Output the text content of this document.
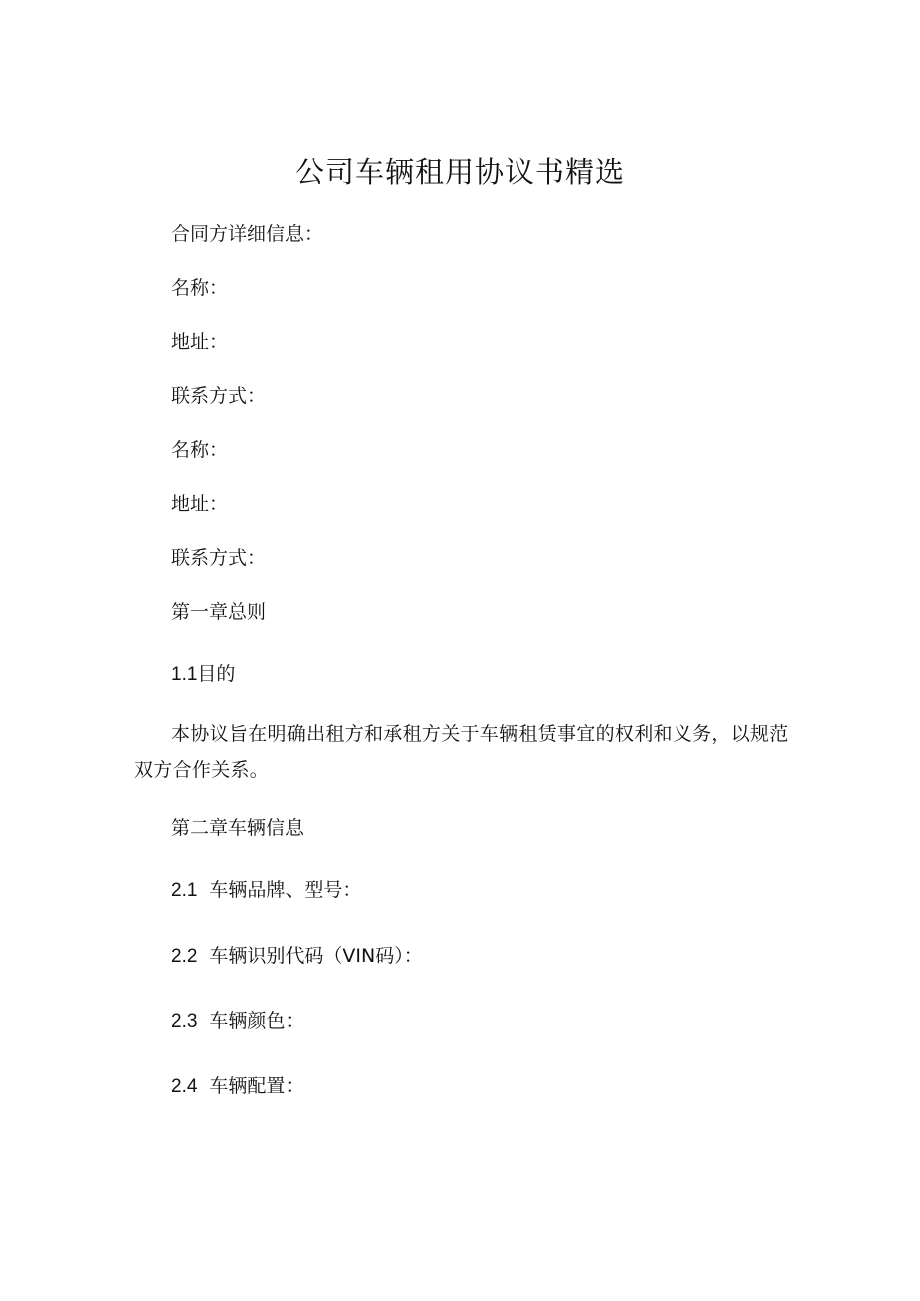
公司车辆租用协议书精选

合同方详细信息：

名称：

地址：

联系方式：

名称：

地址：

联系方式：

第一章总则

1.1目的

本协议旨在明确出租方和承租方关于车辆租赁事宜的权利和义务，以规范双方合作关系。

第二章车辆信息

2.1 车辆品牌、型号：

2.2 车辆识别代码（VIN码）：

2.3 车辆颜色：

2.4 车辆配置：
